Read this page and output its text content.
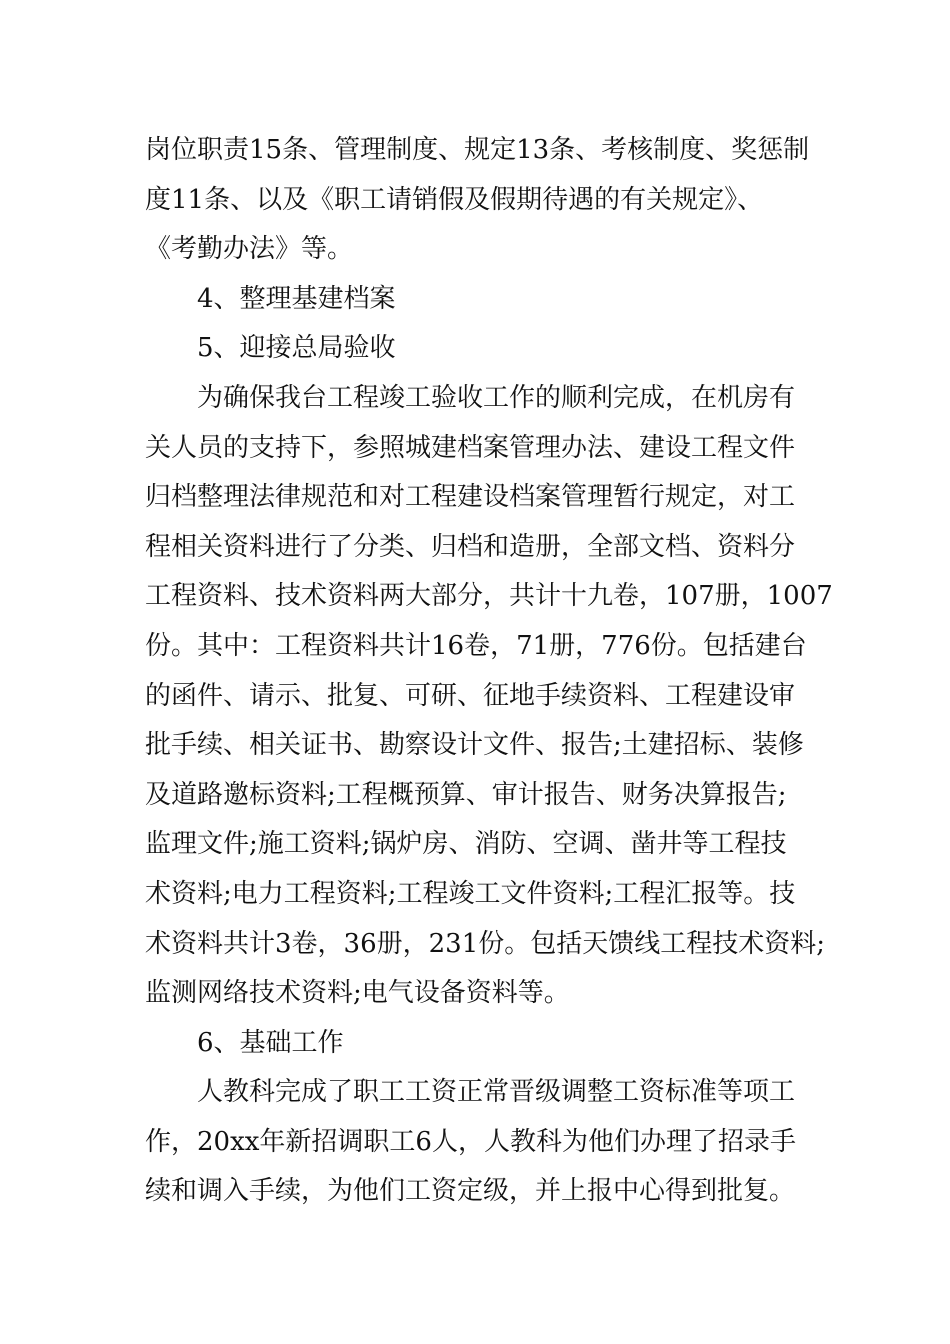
岗位职责15条、管理制度、规定13条、考核制度、奖惩制
度11条、以及《职工请销假及假期待遇的有关规定》、
《考勤办法》等。
4、整理基建档案
5、迎接总局验收
为确保我台工程竣工验收工作的顺利完成，在机房有
关人员的支持下，参照城建档案管理办法、建设工程文件
归档整理法律规范和对工程建设档案管理暂行规定，对工
程相关资料进行了分类、归档和造册，全部文档、资料分
工程资料、技术资料两大部分，共计十九卷，107册，1007
份。其中：工程资料共计16卷，71册，776份。包括建台
的函件、请示、批复、可研、征地手续资料、工程建设审
批手续、相关证书、勘察设计文件、报告;土建招标、装修
及道路邀标资料;工程概预算、审计报告、财务决算报告;
监理文件;施工资料;锅炉房、消防、空调、凿井等工程技
术资料;电力工程资料;工程竣工文件资料;工程汇报等。技
术资料共计3卷，36册，231份。包括天馈线工程技术资料;
监测网络技术资料;电气设备资料等。
6、基础工作
人教科完成了职工工资正常晋级调整工资标准等项工
作，20xx年新招调职工6人，人教科为他们办理了招录手
续和调入手续，为他们工资定级，并上报中心得到批复。
